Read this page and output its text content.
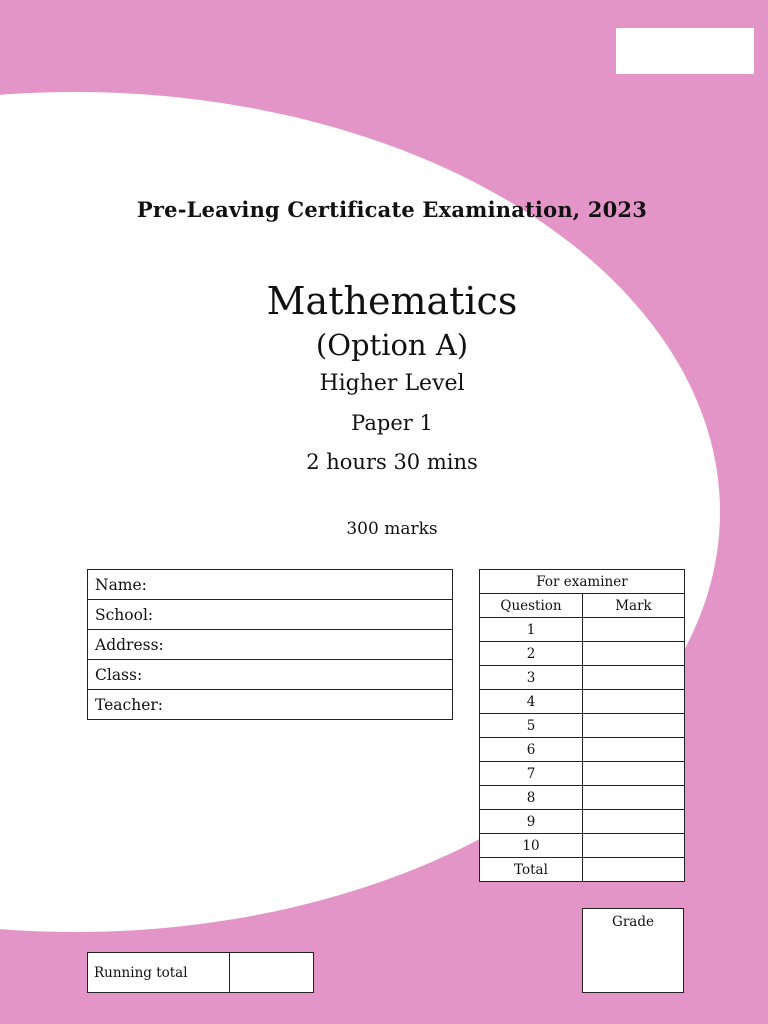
Pre-Leaving Certificate Examination, 2023
Mathematics
(Option A)
Higher Level
Paper 1
2 hours 30 mins
300 marks
Name:
School:
Address:
Class:
Teacher:
For examiner	
Question	Mark
1	
2	
3	
4	
5	
6	
7	
8	
9	
10	
Total	
Grade
Running total
